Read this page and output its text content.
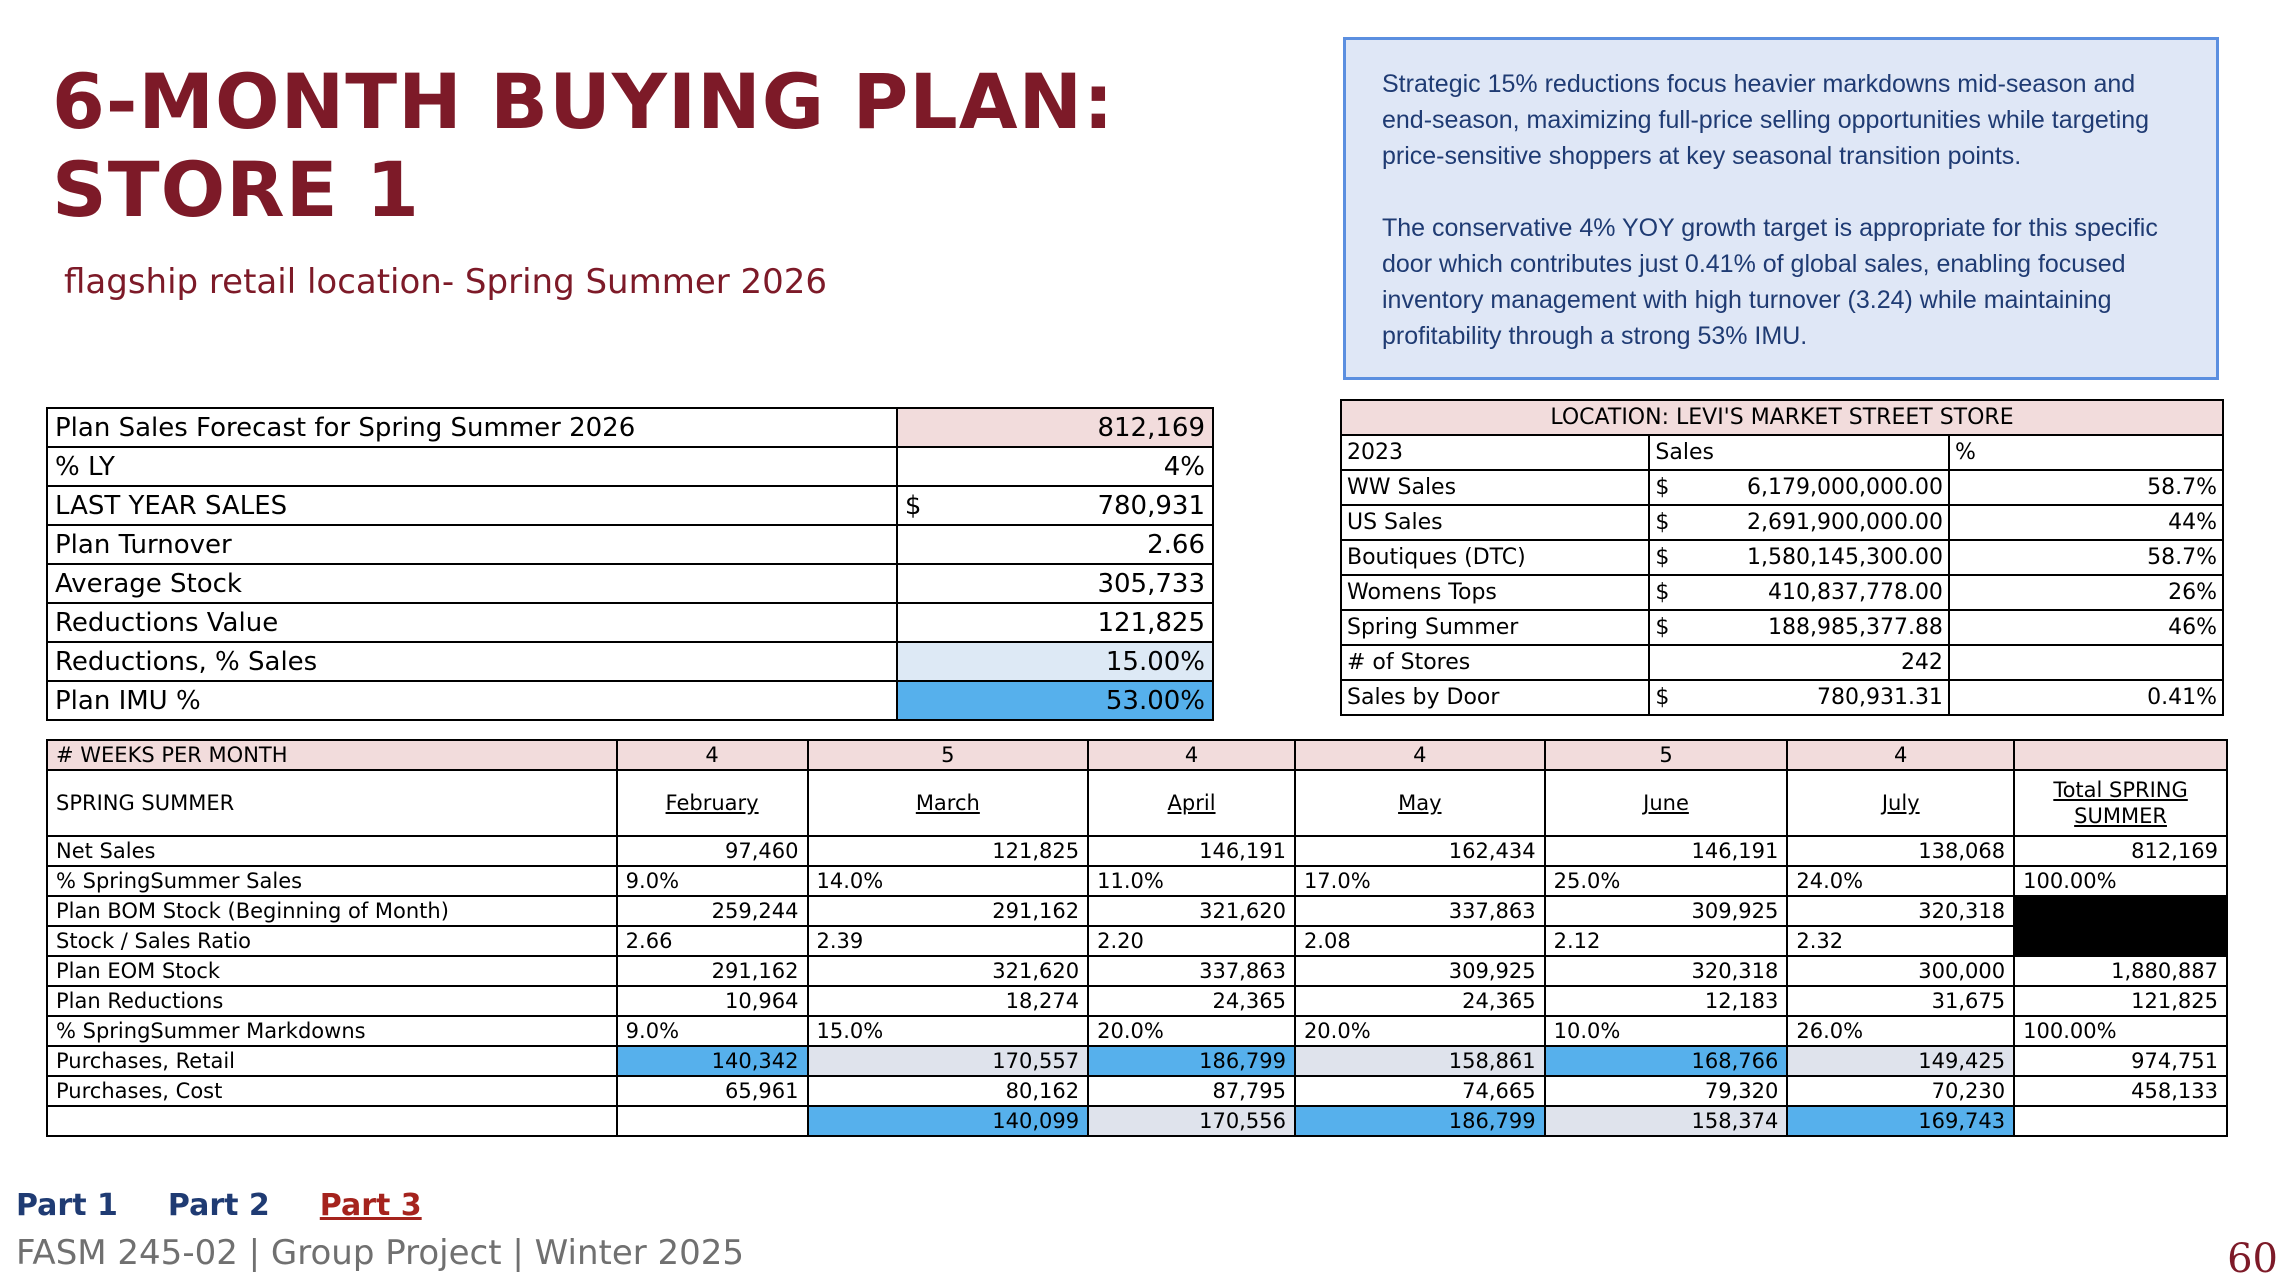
6-MONTH BUYING PLAN:
STORE 1
flagship retail location- Spring Summer 2026

Strategic 15% reductions focus heavier markdowns mid-season and end-season, maximizing full-price selling opportunities while targeting price-sensitive shoppers at key seasonal transition points.

The conservative 4% YOY growth target is appropriate for this specific door which contributes just 0.41% of global sales, enabling focused inventory management with high turnover (3.24) while maintaining profitability through a strong 53% IMU.

Plan Sales Forecast for Spring Summer 2026	812,169
% LY	4%
LAST YEAR SALES	$ 780,931
Plan Turnover	2.66
Average Stock	305,733
Reductions Value	121,825
Reductions, % Sales	15.00%
Plan IMU %	53.00%
LOCATION: LEVI'S MARKET STREET STORE		
2023	Sales	%
WW Sales	$ 6,179,000,000.00	58.7%
US Sales	$ 2,691,900,000.00	44%
Boutiques (DTC)	$ 1,580,145,300.00	58.7%
Womens Tops	$ 410,837,778.00	26%
Spring Summer	$ 188,985,377.88	46%
# of Stores	242	
Sales by Door	$ 780,931.31	0.41%
# WEEKS PER MONTH	4	5	4	4	5	4	
SPRING SUMMER	February	March	April	May	June	July	Total SPRING SUMMER
Net Sales	97,460	121,825	146,191	162,434	146,191	138,068	812,169
% SpringSummer Sales	9.0%	14.0%	11.0%	17.0%	25.0%	24.0%	100.00%
Plan BOM Stock (Beginning of Month)	259,244	291,162	321,620	337,863	309,925	320,318	
Stock / Sales Ratio	2.66	2.39	2.20	2.08	2.12	2.32	
Plan EOM Stock	291,162	321,620	337,863	309,925	320,318	300,000	1,880,887
Plan Reductions	10,964	18,274	24,365	24,365	12,183	31,675	121,825
% SpringSummer Markdowns	9.0%	15.0%	20.0%	20.0%	10.0%	26.0%	100.00%
Purchases, Retail	140,342	170,557	186,799	158,861	168,766	149,425	974,751
Purchases, Cost	65,961	80,162	87,795	74,665	79,320	70,230	458,133
		140,099	170,556	186,799	158,374	169,743	
Part 1 Part 2 Part 3
FASM 245-02 | Group Project | Winter 2025	60
